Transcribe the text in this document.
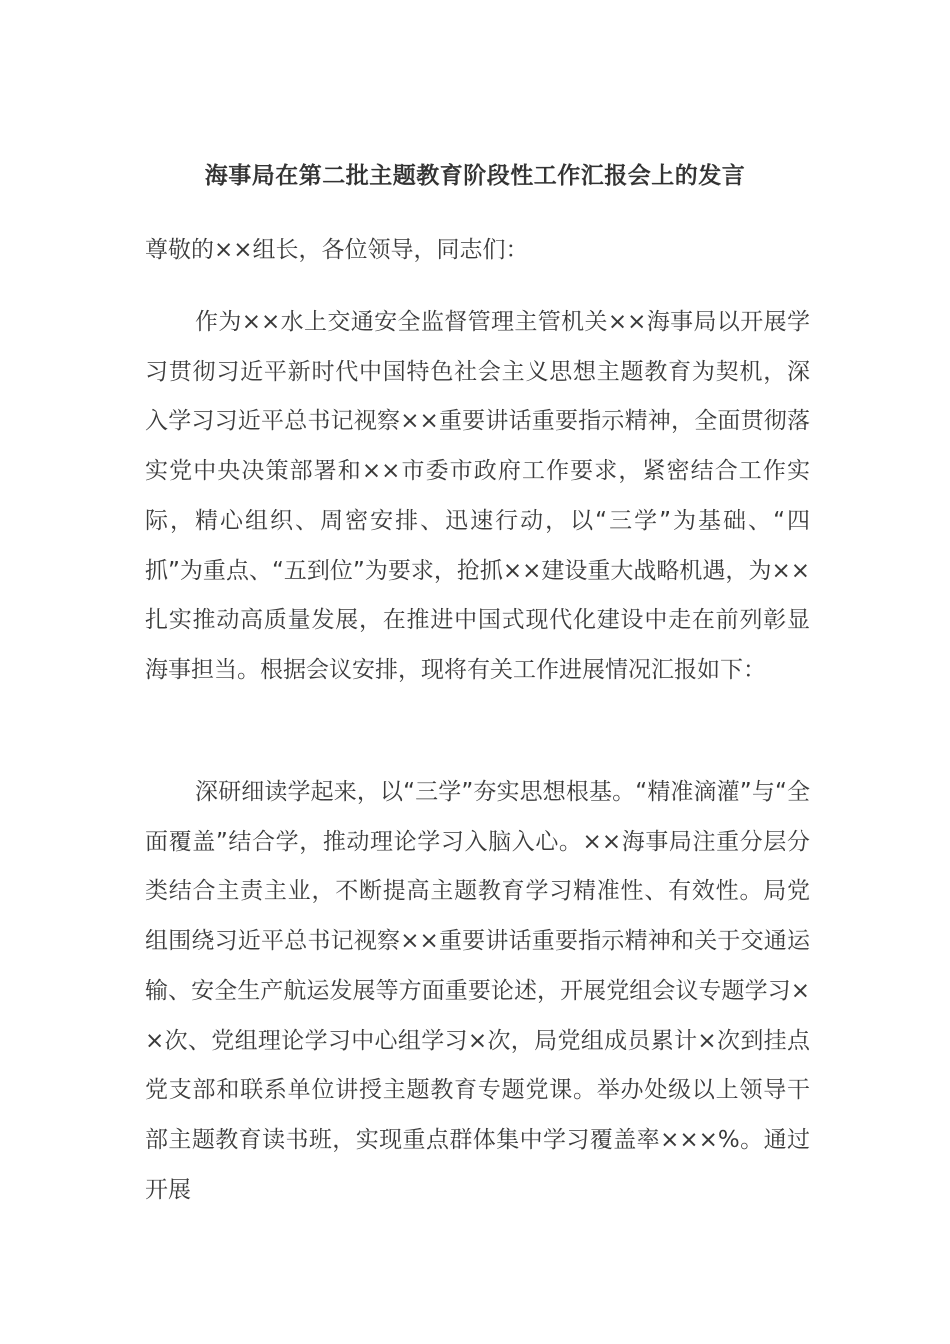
海事局在第二批主题教育阶段性工作汇报会上的发言
尊敬的××组长，各位领导，同志们：

作为××水上交通安全监督管理主管机关××海事局以开展学习贯彻习近平新时代中国特色社会主义思想主题教育为契机，深入学习习近平总书记视察××重要讲话重要指示精神，全面贯彻落实党中央决策部署和××市委市政府工作要求，紧密结合工作实际，精心组织、周密安排、迅速行动，以“三学”为基础、“四抓”为重点、“五到位”为要求，抢抓××建设重大战略机遇，为××扎实推动高质量发展，在推进中国式现代化建设中走在前列彰显海事担当。根据会议安排，现将有关工作进展情况汇报如下：

深研细读学起来，以“三学”夯实思想根基。“精准滴灌”与“全面覆盖”结合学，推动理论学习入脑入心。××海事局注重分层分类结合主责主业，不断提高主题教育学习精准性、有效性。局党组围绕习近平总书记视察××重要讲话重要指示精神和关于交通运输、安全生产航运发展等方面重要论述，开展党组会议专题学习××次、党组理论学习中心组学习×次，局党组成员累计×次到挂点党支部和联系单位讲授主题教育专题党课。举办处级以上领导干部主题教育读书班，实现重点群体集中学习覆盖率×××%。通过开展
